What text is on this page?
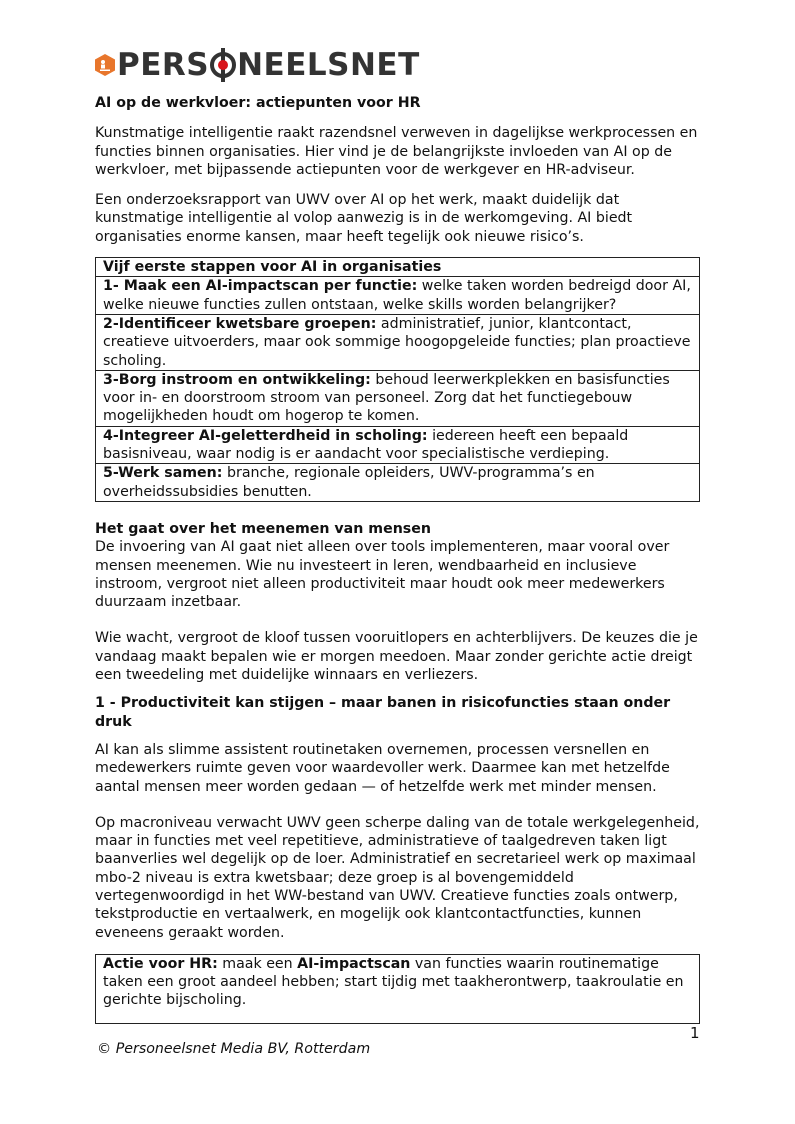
PERS NEELSNET

AI op de werkvloer: actiepunten voor HR

Kunstmatige intelligentie raakt razendsnel verweven in dagelijkse werkprocessen en functies binnen organisaties. Hier vind je de belangrijkste invloeden van AI op de werkvloer, met bijpassende actiepunten voor de werkgever en HR-adviseur.

Een onderzoeksrapport van UWV over AI op het werk, maakt duidelijk dat kunstmatige intelligentie al volop aanwezig is in de werkomgeving. AI biedt organisaties enorme kansen, maar heeft tegelijk ook nieuwe risico’s.

Vijf eerste stappen voor AI in organisaties
1- Maak een AI-impactscan per functie: welke taken worden bedreigd door AI, welke nieuwe functies zullen ontstaan, welke skills worden belangrijker?
2-Identificeer kwetsbare groepen: administratief, junior, klantcontact, creatieve uitvoerders, maar ook sommige hoogopgeleide functies; plan proactieve scholing.
3-Borg instroom en ontwikkeling: behoud leerwerkplekken en basisfuncties voor in- en doorstroom stroom van personeel. Zorg dat het functiegebouw mogelijkheden houdt om hogerop te komen.
4-Integreer AI-geletterdheid in scholing: iedereen heeft een bepaald basisniveau, waar nodig is er aandacht voor specialistische verdieping.
5-Werk samen: branche, regionale opleiders, UWV-programma’s en overheidssubsidies benutten.

Het gaat over het meenemen van mensen

De invoering van AI gaat niet alleen over tools implementeren, maar vooral over mensen meenemen. Wie nu investeert in leren, wendbaarheid en inclusieve instroom, vergroot niet alleen productiviteit maar houdt ook meer medewerkers duurzaam inzetbaar.

Wie wacht, vergroot de kloof tussen vooruitlopers en achterblijvers. De keuzes die je vandaag maakt bepalen wie er morgen meedoen. Maar zonder gerichte actie dreigt een tweedeling met duidelijke winnaars en verliezers.

1 - Productiviteit kan stijgen – maar banen in risicofuncties staan onder druk

AI kan als slimme assistent routinetaken overnemen, processen versnellen en medewerkers ruimte geven voor waardevoller werk. Daarmee kan met hetzelfde aantal mensen meer worden gedaan — of hetzelfde werk met minder mensen.

Op macroniveau verwacht UWV geen scherpe daling van de totale werkgelegenheid, maar in functies met veel repetitieve, administratieve of taalgedreven taken ligt baanverlies wel degelijk op de loer. Administratief en secretarieel werk op maximaal mbo-2 niveau is extra kwetsbaar; deze groep is al bovengemiddeld vertegenwoordigd in het WW-bestand van UWV. Creatieve functies zoals ontwerp, tekstproductie en vertaalwerk, en mogelijk ook klantcontactfuncties, kunnen eveneens geraakt worden.

Actie voor HR: maak een AI-impactscan van functies waarin routinematige taken een groot aandeel hebben; start tijdig met taakherontwerp, taakroulatie en gerichte bijscholing.
1
© Personeelsnet Media BV, Rotterdam
